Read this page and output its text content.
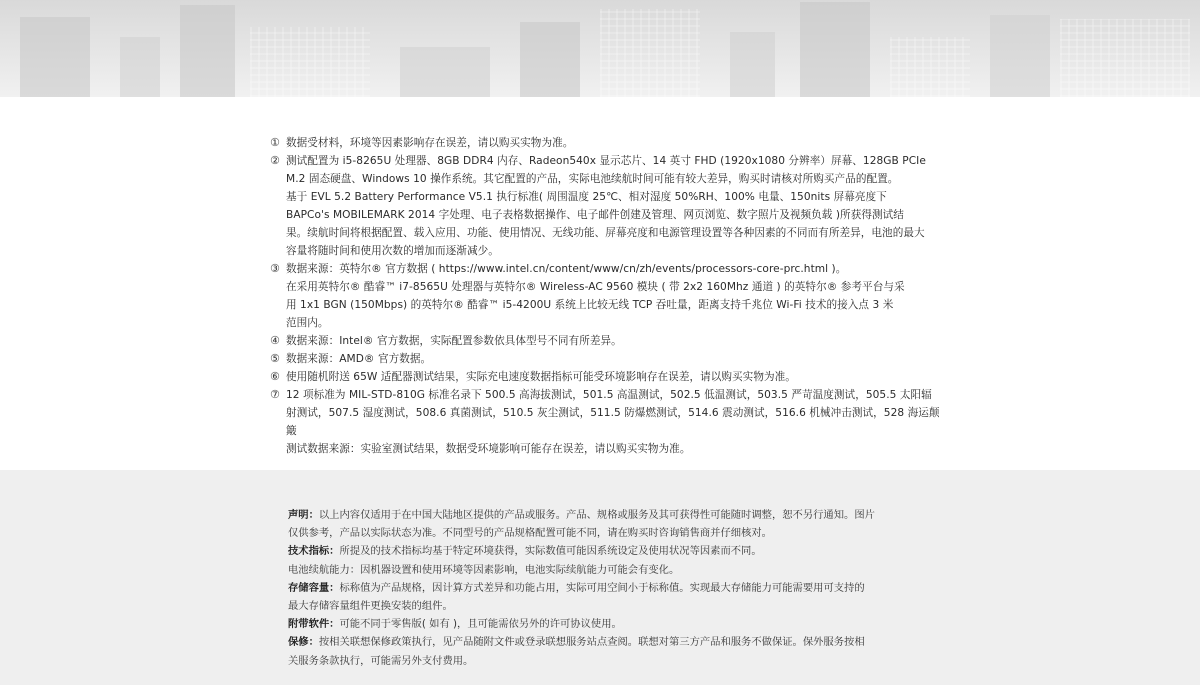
① 数据受材料，环境等因素影响存在误差，请以购买实物为准。
② 测试配置为 i5-8265U 处理器、8GB DDR4 内存、Radeon540x 显示芯片、14 英寸 FHD (1920x1080 分辨率）屏幕、128GB PCIe
M.2 固态硬盘、Windows 10 操作系统。其它配置的产品，实际电池续航时间可能有较大差异，购买时请核对所购买产品的配置。
基于 EVL 5.2 Battery Performance V5.1 执行标准( 周围温度 25℃、相对湿度 50%RH、100% 电量、150nits 屏幕亮度下
BAPCo's MOBILEMARK 2014 字处理、电子表格数据操作、电子邮件创建及管理、网页浏览、数字照片及视频负载 )所获得测试结
果。续航时间将根据配置、载入应用、功能、使用情况、无线功能、屏幕亮度和电源管理设置等各种因素的不同而有所差异，电池的最大
容量将随时间和使用次数的增加而逐渐减少。
③ 数据来源：英特尔® 官方数据 ( https://www.intel.cn/content/www/cn/zh/events/processors-core-prc.html )。
在采用英特尔® 酷睿™ i7-8565U 处理器与英特尔® Wireless-AC 9560 模块 ( 带 2x2 160Mhz 通道 ) 的英特尔® 参考平台与采
用 1x1 BGN (150Mbps) 的英特尔® 酷睿™ i5-4200U 系统上比较无线 TCP 吞吐量，距离支持千兆位 Wi-Fi 技术的接入点 3 米
范围内。
④ 数据来源：Intel® 官方数据，实际配置参数依具体型号不同有所差异。
⑤ 数据来源：AMD® 官方数据。
⑥ 使用随机附送 65W 适配器测试结果，实际充电速度数据指标可能受环境影响存在误差，请以购买实物为准。
⑦ 12 项标准为 MIL-STD-810G 标准名录下 500.5 高海拔测试，501.5 高温测试，502.5 低温测试，503.5 严苛温度测试，505.5 太阳辐
射测试，507.5 湿度测试，508.6 真菌测试，510.5 灰尘测试，511.5 防爆燃测试，514.6 震动测试，516.6 机械冲击测试，528 海运颠簸
测试数据来源：实验室测试结果，数据受环境影响可能存在误差，请以购买实物为准。
声明：以上内容仅适用于在中国大陆地区提供的产品或服务。产品、规格或服务及其可获得性可能随时调整，恕不另行通知。图片
仅供参考，产品以实际状态为准。不同型号的产品规格配置可能不同，请在购买时咨询销售商并仔细核对。
技术指标：所提及的技术指标均基于特定环境获得，实际数值可能因系统设定及使用状况等因素而不同。
电池续航能力：因机器设置和使用环境等因素影响，电池实际续航能力可能会有变化。
存储容量：标称值为产品规格，因计算方式差异和功能占用，实际可用空间小于标称值。实现最大存储能力可能需要用可支持的
最大存储容量组件更换安装的组件。
附带软件：可能不同于零售版( 如有 )，且可能需依另外的许可协议使用。
保修：按相关联想保修政策执行，见产品随附文件或登录联想服务站点查阅。联想对第三方产品和服务不做保证。保外服务按相
关服务条款执行，可能需另外支付费用。
